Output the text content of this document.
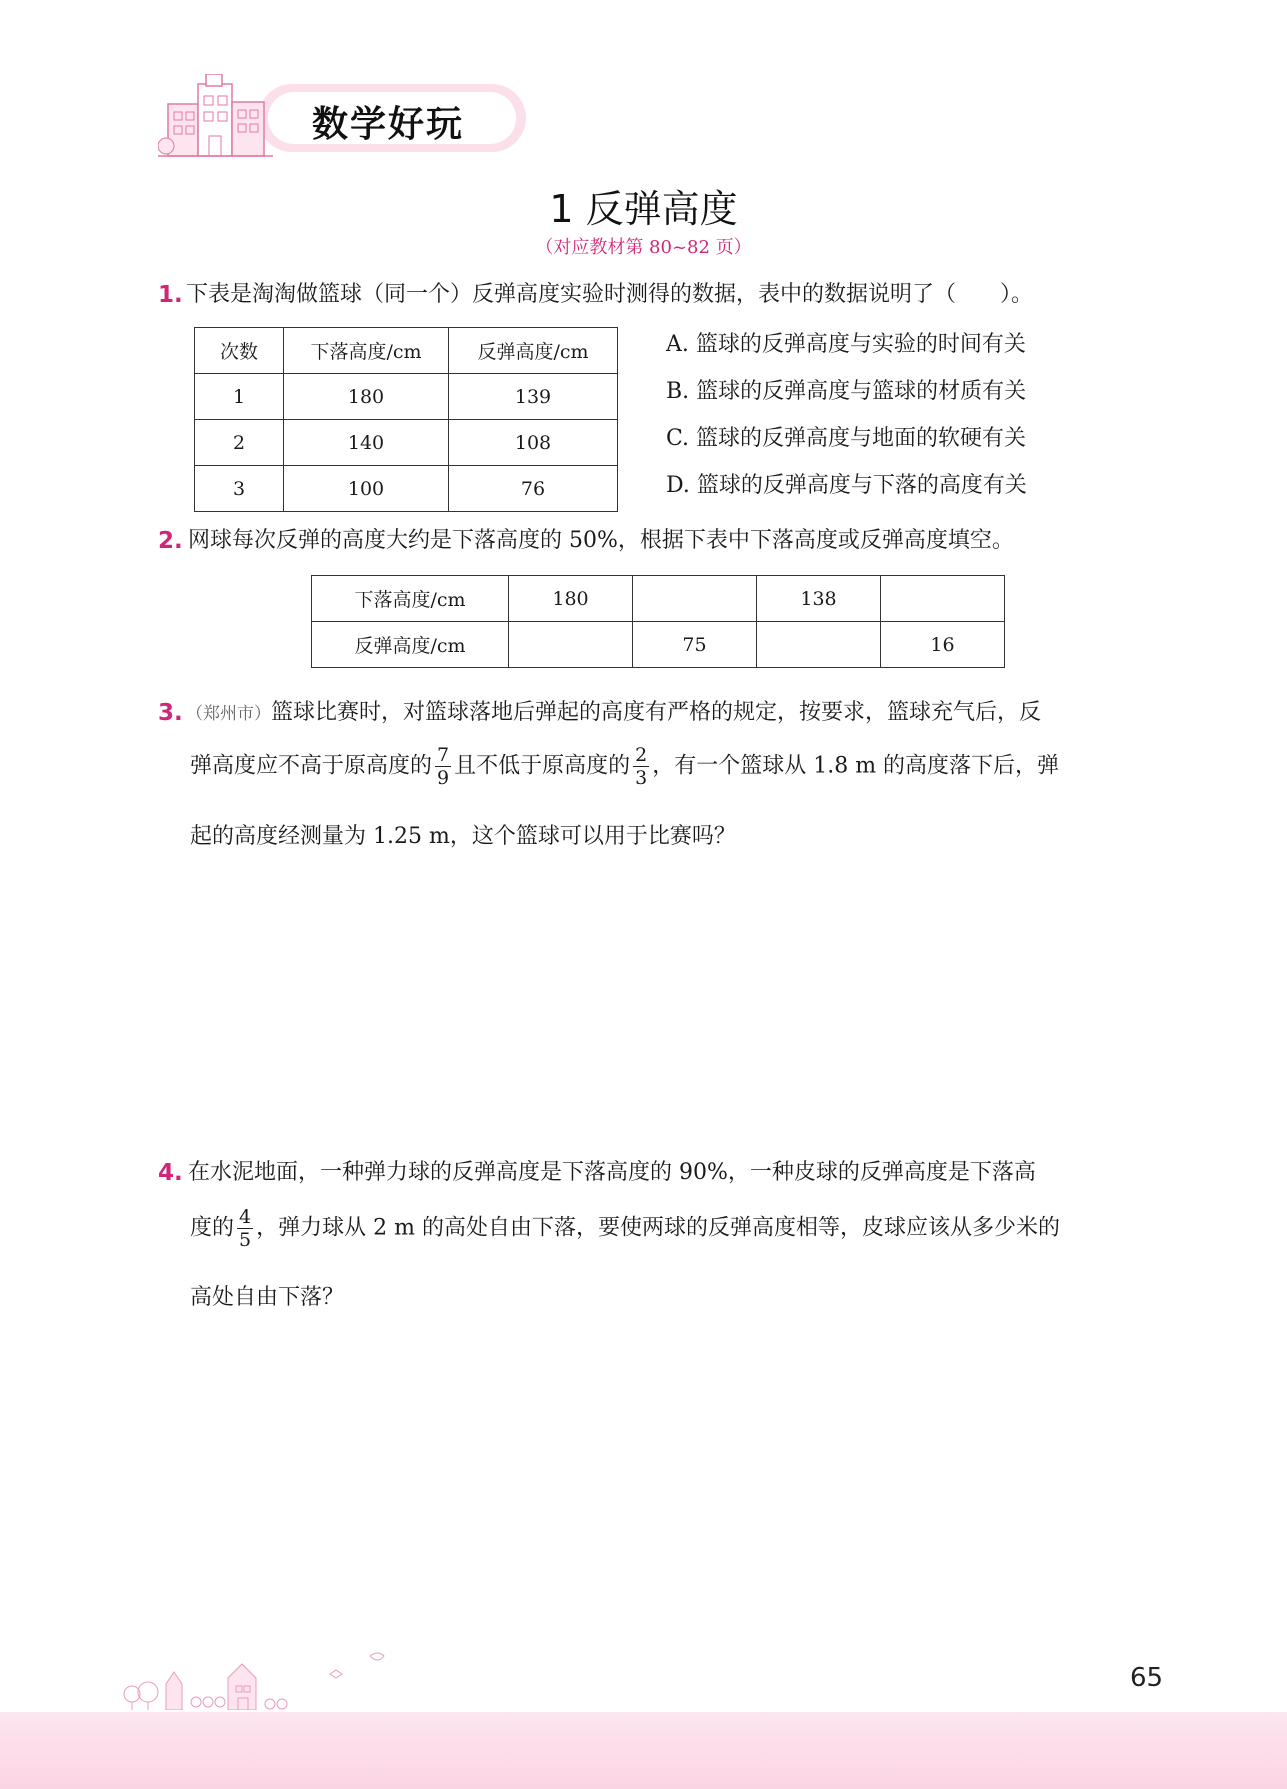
数学好玩
1 反弹高度
（对应教材第 80~82 页）
1. 下表是淘淘做篮球（同一个）反弹高度实验时测得的数据，表中的数据说明了（　　）。
次数	下落高度/cm	反弹高度/cm
1	180	139
2	140	108
3	100	76
A. 篮球的反弹高度与实验的时间有关
B. 篮球的反弹高度与篮球的材质有关
C. 篮球的反弹高度与地面的软硬有关
D. 篮球的反弹高度与下落的高度有关
2. 网球每次反弹的高度大约是下落高度的 50%，根据下表中下落高度或反弹高度填空。
下落高度/cm	180		138	
反弹高度/cm		75		16
3. （郑州市）篮球比赛时，对篮球落地后弹起的高度有严格的规定，按要求，篮球充气后，反
弹高度应不高于原高度的 $\frac{7}{9}$ 且不低于原高度的 $\frac{2}{3}$ ，有一个篮球从 1.8 m 的高度落下后，弹
起的高度经测量为 1.25 m，这个篮球可以用于比赛吗？
4. 在水泥地面，一种弹力球的反弹高度是下落高度的 90%，一种皮球的反弹高度是下落高
度的 $\frac{4}{5}$ ，弹力球从 2 m 的高处自由下落，要使两球的反弹高度相等，皮球应该从多少米的
高处自由下落？
65
